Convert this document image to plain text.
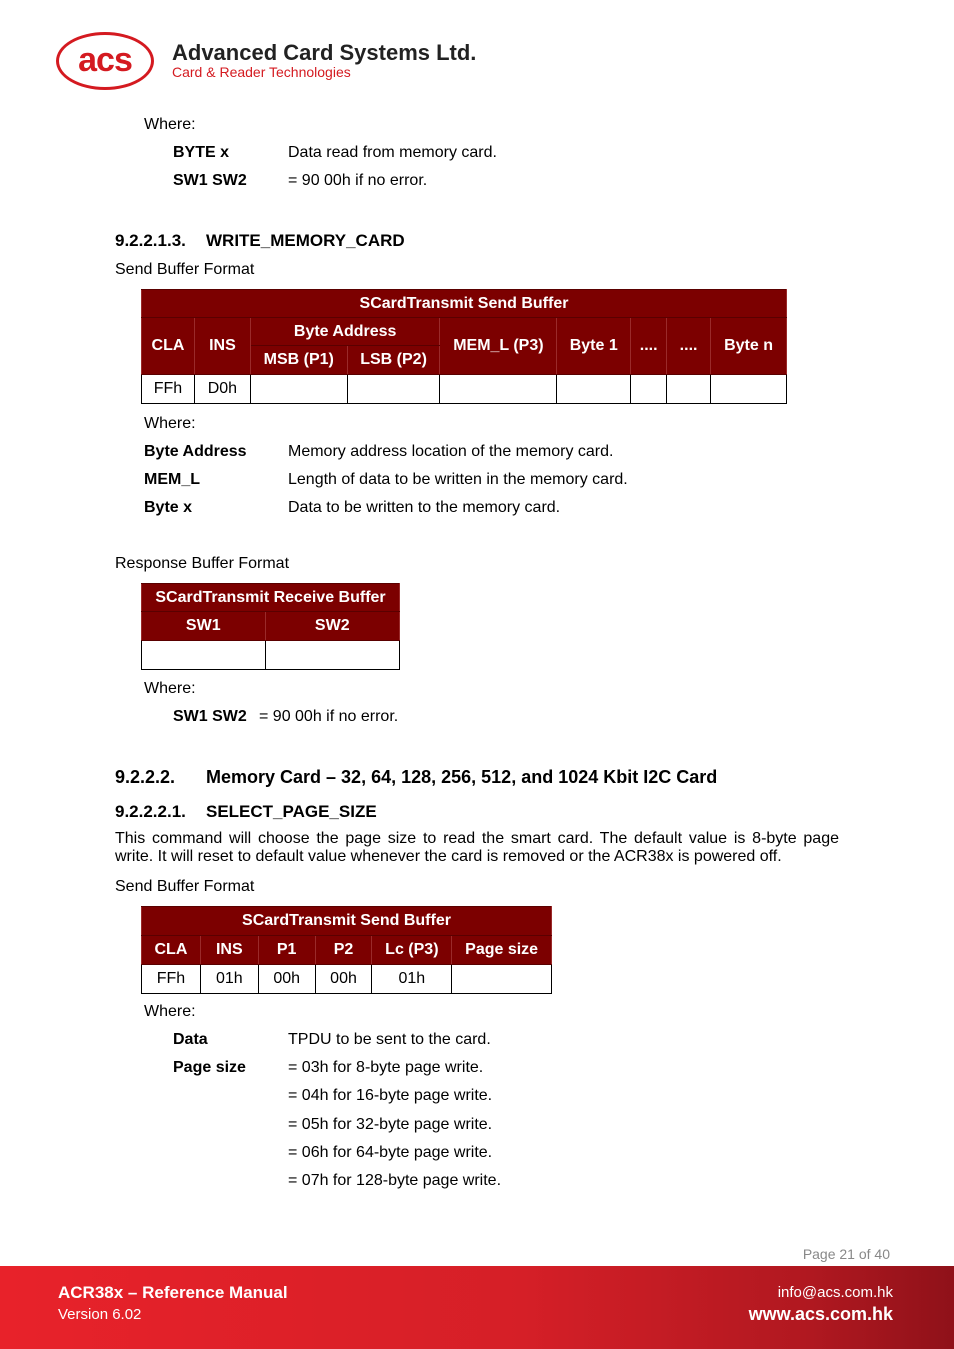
acs	Advanced Card Systems Ltd.
Card & Reader Technologies
Where:
BYTE x	Data read from memory card.
SW1 SW2	= 90 00h if no error.
9.2.2.1.3. WRITE_MEMORY_CARD
Send Buffer Format
SCardTransmit Send Buffer								
CLA	INS	Byte Address		MEM_L (P3)	Byte 1	....	....	Byte n
		MSB (P1)	LSB (P2)					
FFh	D0h							
Where:
Byte Address	Memory address location of the memory card.
MEM_L	Length of data to be written in the memory card.
Byte x	Data to be written to the memory card.
Response Buffer Format
SCardTransmit Receive Buffer	
SW1	SW2

Where:
SW1 SW2 = 90 00h if no error.
9.2.2.2. Memory Card – 32, 64, 128, 256, 512, and 1024 Kbit I2C Card
9.2.2.2.1. SELECT_PAGE_SIZE
This command will choose the page size to read the smart card. The default value is 8-byte page write. It will reset to default value whenever the card is removed or the ACR38x is powered off.
Send Buffer Format
SCardTransmit Send Buffer					
CLA	INS	P1	P2	Lc (P3)	Page size
FFh	01h	00h	00h	01h	
Where:
Data	TPDU to be sent to the card.
Page size	= 03h for 8-byte page write.
= 04h for 16-byte page write.
= 05h for 32-byte page write.
= 06h for 64-byte page write.
= 07h for 128-byte page write.
Page 21 of 40
ACR38x – Reference Manual
Version 6.02
info@acs.com.hk
www.acs.com.hk
